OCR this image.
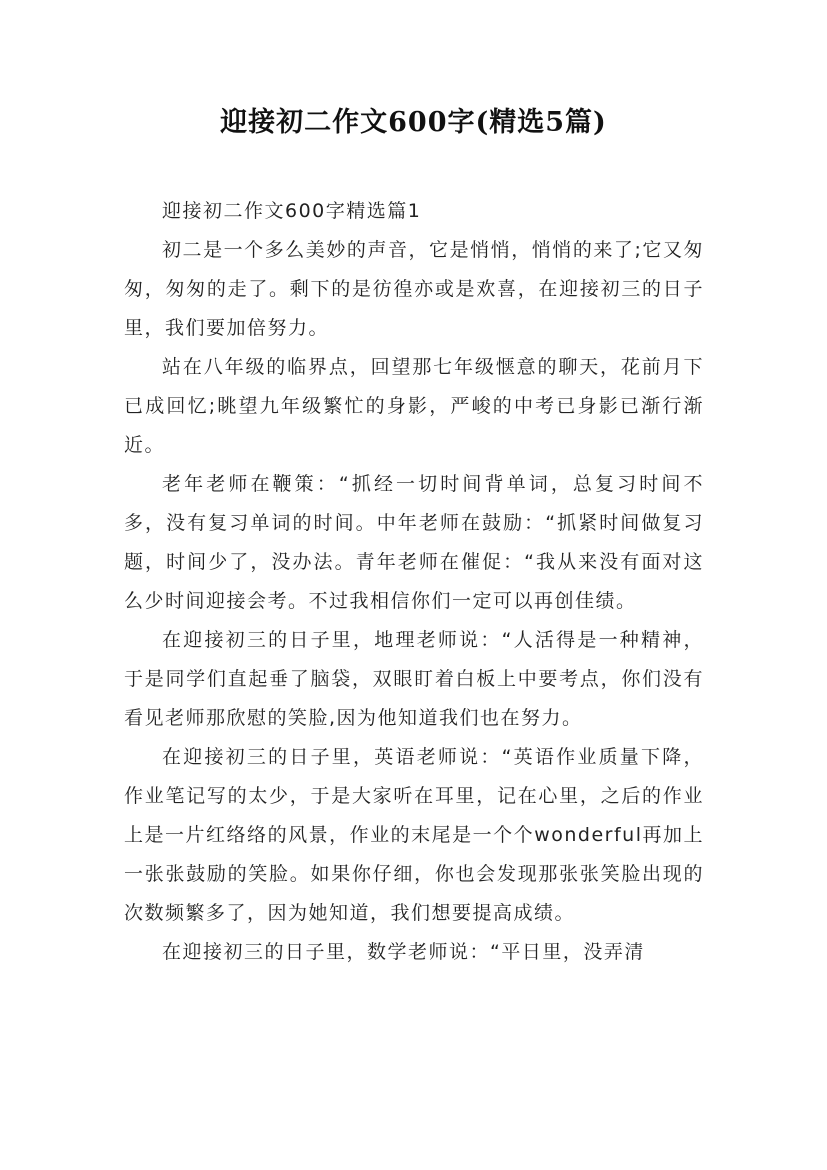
迎接初二作文600字(精选5篇)

迎接初二作文600字精选篇1

初二是一个多么美妙的声音，它是悄悄，悄悄的来了;它又匆匆，匆匆的走了。剩下的是彷徨亦或是欢喜，在迎接初三的日子里，我们要加倍努力。

站在八年级的临界点，回望那七年级惬意的聊天，花前月下已成回忆;眺望九年级繁忙的身影，严峻的中考已身影已渐行渐近。

老年老师在鞭策：“抓经一切时间背单词，总复习时间不多，没有复习单词的时间。中年老师在鼓励：“抓紧时间做复习题，时间少了，没办法。青年老师在催促：“我从来没有面对这么少时间迎接会考。不过我相信你们一定可以再创佳绩。

在迎接初三的日子里，地理老师说：“人活得是一种精神，于是同学们直起垂了脑袋，双眼盯着白板上中要考点，你们没有看见老师那欣慰的笑脸,因为他知道我们也在努力。

在迎接初三的日子里，英语老师说：“英语作业质量下降，作业笔记写的太少，于是大家听在耳里，记在心里，之后的作业上是一片红络络的风景，作业的末尾是一个个wonderful再加上一张张鼓励的笑脸。如果你仔细，你也会发现那张张笑脸出现的次数频繁多了，因为她知道，我们想要提高成绩。

在迎接初三的日子里，数学老师说：“平日里，没弄清
